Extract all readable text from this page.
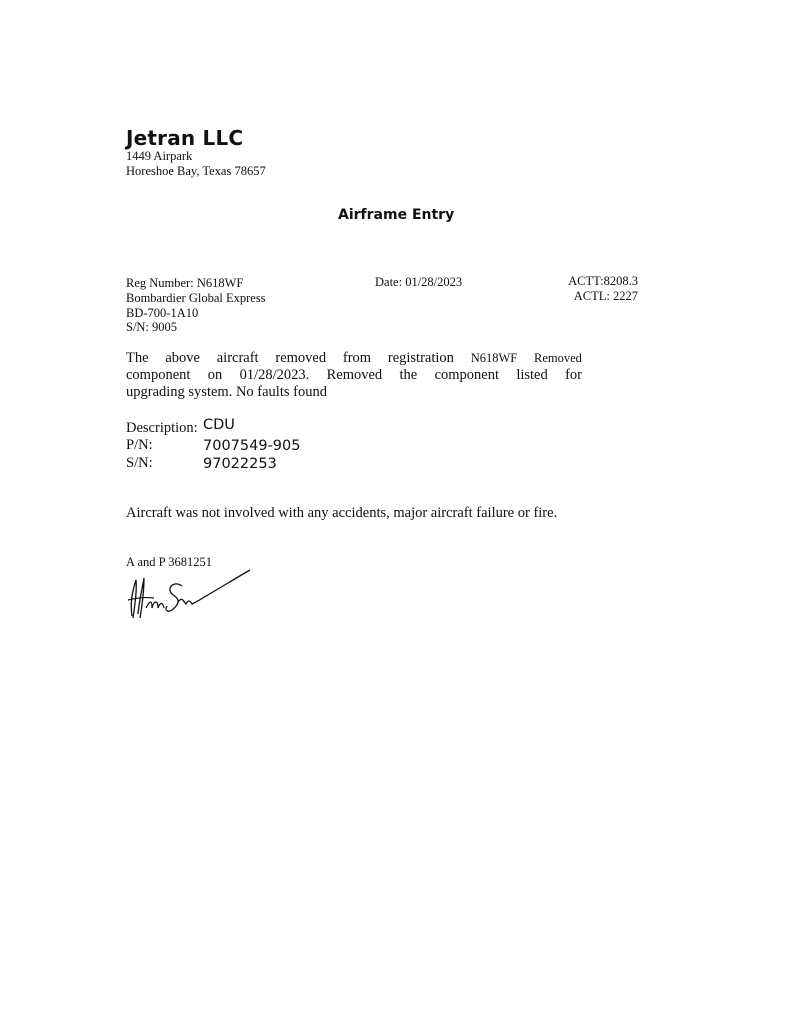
Jetran LLC
1449 Airpark
Horeshoe Bay, Texas 78657
Airframe Entry
Reg Number: N618WF
Bombardier Global Express
BD-700-1A10
S/N: 9005
Date: 01/28/2023	ACTT:8208.3
ACTL: 2227
The above aircraft removed from registration N618WF Removed
component on 01/28/2023. Removed the component listed for
upgrading system. No faults found
Description: CDU
P/N:	7007549-905
S/N:	97022253
Aircraft was not involved with any accidents, major aircraft failure or fire.
A and P 3681251
